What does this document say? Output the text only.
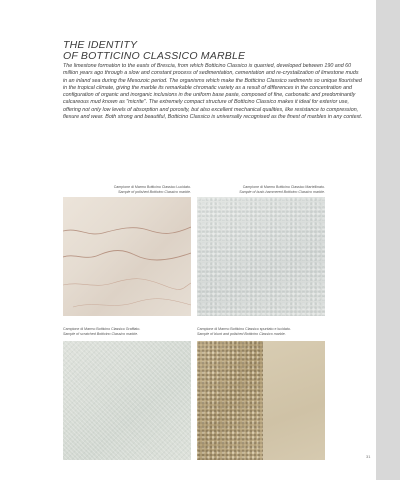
THE IDENTITY
OF BOTTICINO CLASSICO MARBLE
The limestone formation to the easts of Brescia, from which Botticino Classico is quarried, developed between 190 and 60 million years ago through a slow and constant process of sedimentation, cementation and re-crystalization of limestone muds in an inland sea during the Mesozoic period. The organisms which make the Botticino Classico sediments so unique flourished in the tropical climate, giving the marble its remarkable chromatic variety as a result of differences in the concentration and configuration of organic and inorganic inclusions in the uniform base paste, composed of fine, carbonatic and predominantly calcareous mud known as "micrite". The extremely compact structure of Botticino Classico makes it ideal for exterior use, offering not only low levels of absorption and porosity, but also excellent mechanical qualities, like resistance to compression, flexure and wear. Both strong and beautiful, Botticino Classico is universally recognised as the finest of marbles in any context.
Campione di Marmo Botticino Classico Lucidato.
Sample of polished Botticino Classico marble.
Campione di Marmo Botticino Classico Martellinato.
Sample of bush-hammered Botticino Classico marble.
Campione di Marmo Botticino Classico Graffiato.
Sample of scratched Botticino Classico marble.
Campione di Marmo Botticino Classico spuntato e lucidato.
Sample of blunt and polished Botticino Classico marble.
31
